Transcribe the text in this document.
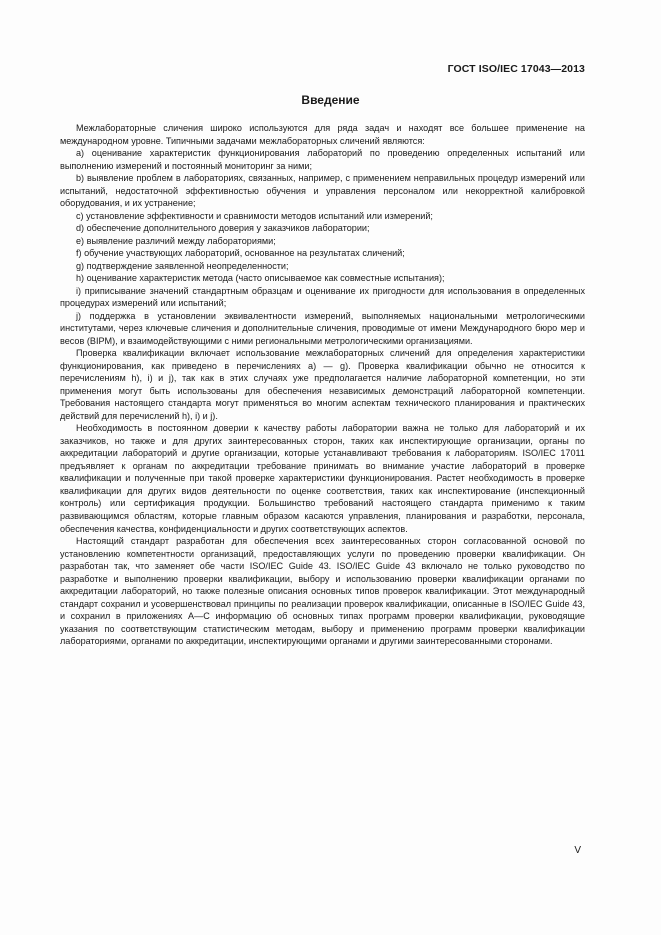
ГОСТ ISO/IEC 17043—2013
Введение

Межлабораторные сличения широко используются для ряда задач и находят все большее применение на международном уровне. Типичными задачами межлабораторных сличений являются:

а) оценивание характеристик функционирования лабораторий по проведению определенных испытаний или выполнению измерений и постоянный мониторинг за ними;

b) выявление проблем в лабораториях, связанных, например, с применением неправильных процедур измерений или испытаний, недостаточной эффективностью обучения и управления персоналом или некорректной калибровкой оборудования, и их устранение;

с) установление эффективности и сравнимости методов испытаний или измерений;

d) обеспечение дополнительного доверия у заказчиков лаборатории;

е) выявление различий между лабораториями;

f) обучение участвующих лабораторий, основанное на результатах сличений;

g) подтверждение заявленной неопределенности;

h) оценивание характеристик метода (часто описываемое как совместные испытания);

i) приписывание значений стандартным образцам и оценивание их пригодности для использования в определенных процедурах измерений или испытаний;

j) поддержка в установлении эквивалентности измерений, выполняемых национальными метрологическими институтами, через ключевые сличения и дополнительные сличения, проводимые от имени Международного бюро мер и весов (BIPM), и взаимодействующими с ними региональными метрологическими организациями.

Проверка квалификации включает использование межлабораторных сличений для определения характеристики функционирования, как приведено в перечислениях а) — g). Проверка квалификации обычно не относится к перечислениям h), i) и j), так как в этих случаях уже предполагается наличие лабораторной компетенции, но эти применения могут быть использованы для обеспечения независимых демонстраций лабораторной компетенции. Требования настоящего стандарта могут применяться во многим аспектам технического планирования и практических действий для перечислений h), i) и j).

Необходимость в постоянном доверии к качеству работы лаборатории важна не только для лабораторий и их заказчиков, но также и для других заинтересованных сторон, таких как инспектирующие организации, органы по аккредитации лабораторий и другие организации, которые устанавливают требования к лабораториям. ISO/IEC 17011 предъявляет к органам по аккредитации требование принимать во внимание участие лабораторий в проверке квалификации и полученные при такой проверке характеристики функционирования. Растет необходимость в проверке квалификации для других видов деятельности по оценке соответствия, таких как инспектирование (инспекционный контроль) или сертификация продукции. Большинство требований настоящего стандарта применимо к таким развивающимся областям, которые главным образом касаются управления, планирования и разработки, персонала, обеспечения качества, конфиденциальности и других соответствующих аспектов.

Настоящий стандарт разработан для обеспечения всех заинтересованных сторон согласованной основой по установлению компетентности организаций, предоставляющих услуги по проведению проверки квалификации. Он разработан так, что заменяет обе части ISO/IEC Guide 43. ISO/IEC Guide 43 включало не только руководство по разработке и выполнению проверки квалификации, выбору и использованию проверки квалификации органами по аккредитации лабораторий, но также полезные описания основных типов проверок квалификации. Этот международный стандарт сохранил и усовершенствовал принципы по реализации проверок квалификации, описанные в ISO/IEC Guide 43, и сохранил в приложениях А—С информацию об основных типах программ проверки квалификации, руководящие указания по соответствующим статистическим методам, выбору и применению программ проверки квалификации лабораториями, органами по аккредитации, инспектирующими органами и другими заинтересованными сторонами.

V
